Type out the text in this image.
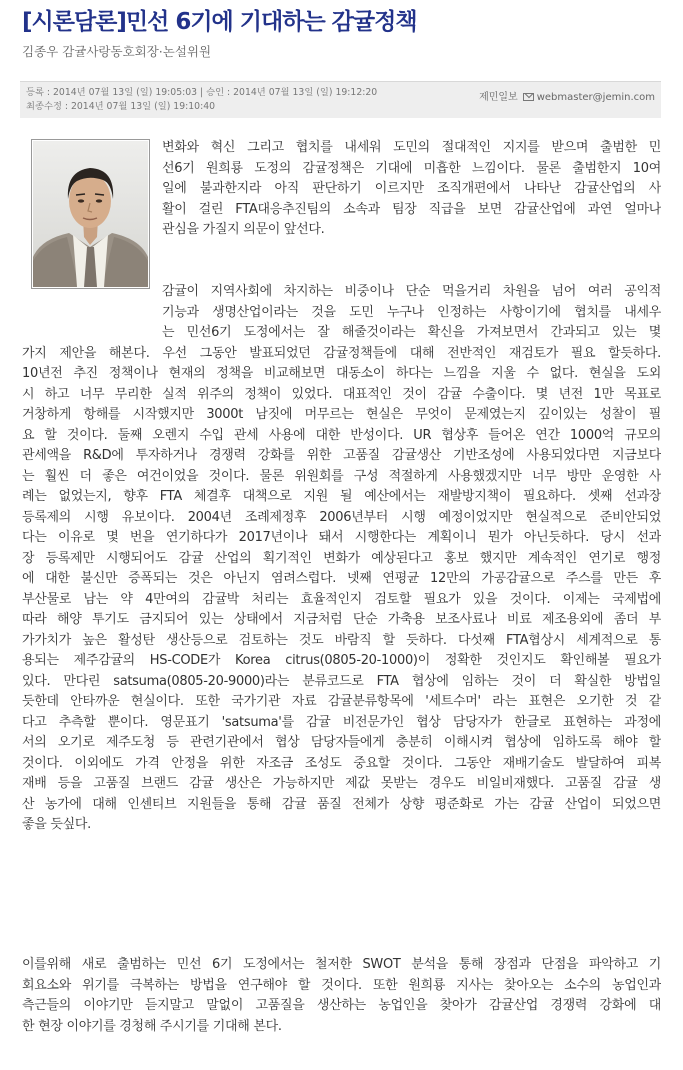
[시론담론]민선 6기에 기대하는 감귤정책
김종우 감귤사랑동호회장·논설위원
등록 : 2014년 07월 13일 (일) 19:05:03 | 승인 : 2014년 07월 13일 (일) 19:12:20
최종수정 : 2014년 07월 13일 (일) 19:10:40
제민일보 webmaster@jemin.com
변화와 혁신 그리고 협치를 내세워 도민의 절대적인 지지를 받으며 출범한 민
선6기 원희룡 도정의 감귤정책은 기대에 미흡한 느낌이다. 물론 출범한지 10여
일에 불과한지라 아직 판단하기 이르지만 조직개편에서 나타난 감귤산업의 사
활이 걸린 FTA대응추진팀의 소속과 팀장 직급을 보면 감귤산업에 과연 얼마나
관심을 가질지 의문이 앞선다.
감귤이 지역사회에 차지하는 비중이나 단순 먹을거리 차원을 넘어 여러 공익적
기능과 생명산업이라는 것을 도민 누구나 인정하는 사항이기에 협치를 내세우
는 민선6기 도정에서는 잘 해줄것이라는 확신을 가져보면서 간과되고 있는 몇
가지 제안을 해본다. 우선 그동안 발표되었던 감귤정책들에 대해 전반적인 재검토가 필요 할듯하다.
10년전 추진 정책이나 현재의 정책을 비교해보면 대동소이 하다는 느낌을 지울 수 없다. 현실을 도외
시 하고 너무 무리한 실적 위주의 정책이 있었다. 대표적인 것이 감귤 수출이다. 몇 년전 1만 목표로
거창하게 항해를 시작했지만 3000t 남짓에 머무르는 현실은 무엇이 문제였는지 깊이있는 성찰이 필
요 할 것이다. 둘째 오렌지 수입 관세 사용에 대한 반성이다. UR 협상후 들어온 연간 1000억 규모의
관세액을 R&D에 투자하거나 경쟁력 강화를 위한 고품질 감귤생산 기반조성에 사용되었다면 지금보다
는 훨씬 더 좋은 여건이었을 것이다. 물론 위원회를 구성 적절하게 사용했겠지만 너무 방만 운영한 사
례는 없었는지, 향후 FTA 체결후 대책으로 지원 될 예산에서는 재발방지책이 필요하다. 셋째 선과장
등록제의 시행 유보이다. 2004년 조례제정후 2006년부터 시행 예정이었지만 현실적으로 준비안되었
다는 이유로 몇 번을 연기하다가 2017년이나 돼서 시행한다는 계획이니 뭔가 아닌듯하다. 당시 선과
장 등록제만 시행되어도 감귤 산업의 획기적인 변화가 예상된다고 홍보 했지만 계속적인 연기로 행정
에 대한 불신만 증폭되는 것은 아닌지 염려스럽다. 넷째 연평균 12만의 가공감귤으로 주스를 만든 후
부산물로 남는 약 4만여의 감귤박 처리는 효율적인지 검토할 필요가 있을 것이다. 이제는 국제법에
따라 해양 투기도 금지되어 있는 상태에서 지금처럼 단순 가축용 보조사료나 비료 제조용외에 좀더 부
가가치가 높은 활성탄 생산등으로 검토하는 것도 바람직 할 듯하다. 다섯째 FTA협상시 세계적으로 통
용되는 제주감귤의 HS-CODE가 Korea citrus(0805-20-1000)이 정확한 것인지도 확인해볼 필요가
있다. 만다린 satsuma(0805-20-9000)라는 분류코드로 FTA 협상에 임하는 것이 더 확실한 방법일
듯한데 안타까운 현실이다. 또한 국가기관 자료 감귤분류항목에 '세트수머' 라는 표현은 오기한 것 같
다고 추측할 뿐이다. 영문표기 'satsuma'를 감귤 비전문가인 협상 담당자가 한글로 표현하는 과정에
서의 오기로 제주도청 등 관련기관에서 협상 담당자들에게 충분히 이해시켜 협상에 임하도록 해야 할
것이다. 이외에도 가격 안정을 위한 자조금 조성도 중요할 것이다. 그동안 재배기술도 발달하여 피복
재배 등을 고품질 브랜드 감귤 생산은 가능하지만 제값 못받는 경우도 비일비재했다. 고품질 감귤 생
산 농가에 대해 인센티브 지원들을 통해 감귤 품질 전체가 상향 평준화로 가는 감귤 산업이 되었으면
좋을 듯싶다.
이를위해 새로 출범하는 민선 6기 도정에서는 철저한 SWOT 분석을 통해 장점과 단점을 파악하고 기
회요소와 위기를 극복하는 방법을 연구해야 할 것이다. 또한 원희룡 지사는 찾아오는 소수의 농업인과
측근들의 이야기만 듣지말고 말없이 고품질을 생산하는 농업인을 찾아가 감귤산업 경쟁력 강화에 대
한 현장 이야기를 경청해 주시기를 기대해 본다.
